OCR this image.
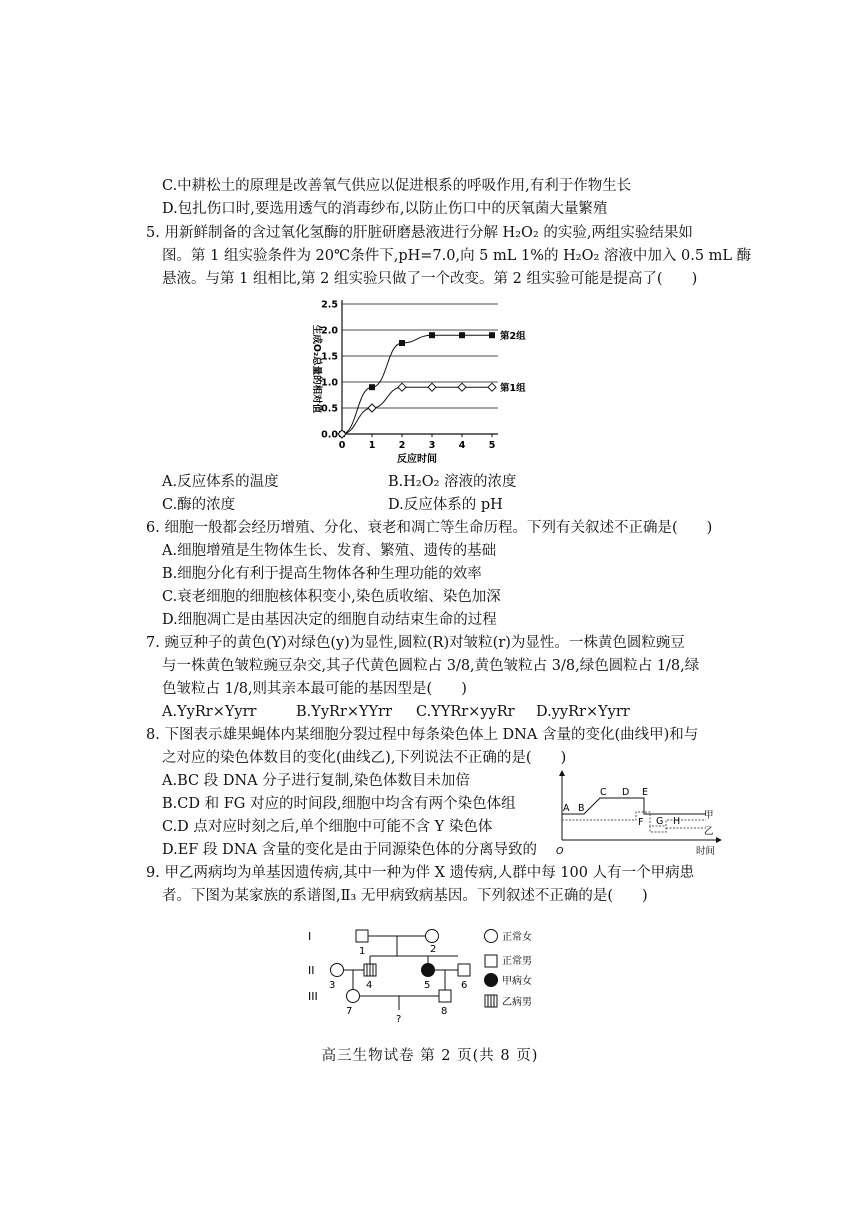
C.中耕松土的原理是改善氧气供应以促进根系的呼吸作用,有利于作物生长
D.包扎伤口时,要选用透气的消毒纱布,以防止伤口中的厌氧菌大量繁殖
5. 用新鲜制备的含过氧化氢酶的肝脏研磨悬液进行分解 H₂O₂ 的实验,两组实验结果如
图。第 1 组实验条件为 20℃条件下,pH=7.0,向 5 mL 1%的 H₂O₂ 溶液中加入 0.5 mL 酶
悬液。与第 1 组相比,第 2 组实验只做了一个改变。第 2 组实验可能是提高了(　　)
0.0
0.5
1.0
1.5
2.0
2.5
0 1 2 3 4 5
反应时间
生成O₂总量的相对值	第2组
第1组
A.反应体系的温度	B.H₂O₂ 溶液的浓度
C.酶的浓度	D.反应体系的 pH
6. 细胞一般都会经历增殖、分化、衰老和凋亡等生命历程。下列有关叙述不正确是(　　)
A.细胞增殖是生物体生长、发育、繁殖、遗传的基础
B.细胞分化有利于提高生物体各种生理功能的效率
C.衰老细胞的细胞核体积变小,染色质收缩、染色加深
D.细胞凋亡是由基因决定的细胞自动结束生命的过程
7. 豌豆种子的黄色(Y)对绿色(y)为显性,圆粒(R)对皱粒(r)为显性。一株黄色圆粒豌豆
与一株黄色皱粒豌豆杂交,其子代黄色圆粒占 3/8,黄色皱粒占 3/8,绿色圆粒占 1/8,绿
色皱粒占 1/8,则其亲本最可能的基因型是(　　)
A.YyRr×Yyrr	B.YyRr×YYrr C.YYRr×yyRr D.yyRr×Yyrr
8. 下图表示雄果蝇体内某细胞分裂过程中每条染色体上 DNA 含量的变化(曲线甲)和与
之对应的染色体数目的变化(曲线乙),下列说法不正确的是(　　)
A.BC 段 DNA 分子进行复制,染色体数目未加倍
B.CD 和 FG 对应的时间段,细胞中均含有两个染色体组
C.D 点对应时刻之后,单个细胞中可能不含 Y 染色体
D.EF 段 DNA 含量的变化是由于同源染色体的分离导致的
A B
C D E
F G H
甲
乙
O	时间
9. 甲乙两病均为单基因遗传病,其中一种为伴 X 遗传病,人群中每 100 人有一个甲病患
者。下图为某家族的系谱图,Ⅱ₃ 无甲病致病基因。下列叙述不正确的是(　　)
I
II
III
1	2
3	4	5	6
7	8
?
正常女
正常男
甲病女
乙病男
高三生物试卷 第 2 页(共 8 页)
